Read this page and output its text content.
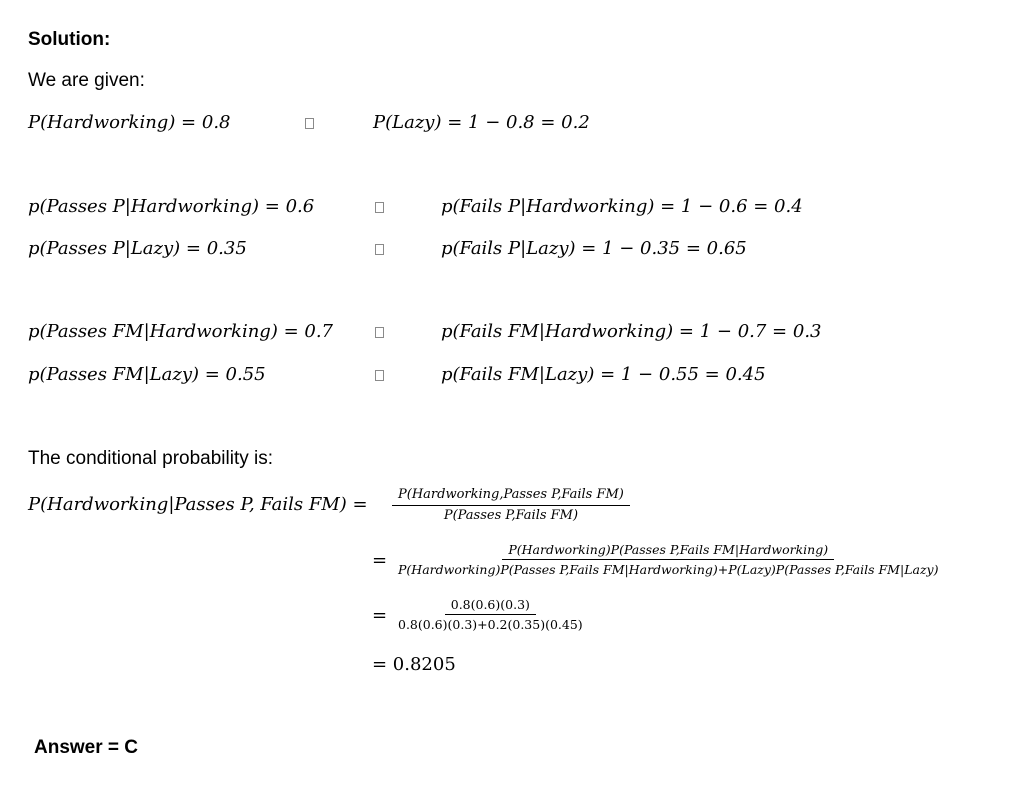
Solution:
We are given:
P(Hardworking) = 0.8	P(Lazy) = 1 − 0.8 = 0.2
p(Passes P|Hardworking) = 0.6	p(Fails P|Hardworking) = 1 − 0.6 = 0.4
p(Passes P|Lazy) = 0.35	p(Fails P|Lazy) = 1 − 0.35 = 0.65
p(Passes FM|Hardworking) = 0.7	p(Fails FM|Hardworking) = 1 − 0.7 = 0.3
p(Passes FM|Lazy) = 0.55	p(Fails FM|Lazy) = 1 − 0.55 = 0.45
The conditional probability is:
P(Hardworking|Passes P, Fails FM) =	P(Hardworking,Passes P,Fails FM)
P(Passes P,Fails FM)
=
P(Hardworking)P(Passes P,Fails FM|Hardworking)
P(Hardworking)P(Passes P,Fails FM|Hardworking)+P(Lazy)P(Passes P,Fails FM|Lazy)
= $\frac{0.8(0.6)(0.3)}{0.8(0.6)(0.3)+0.2(0.35)(0.45)}$
= 0.8205
Answer = C
